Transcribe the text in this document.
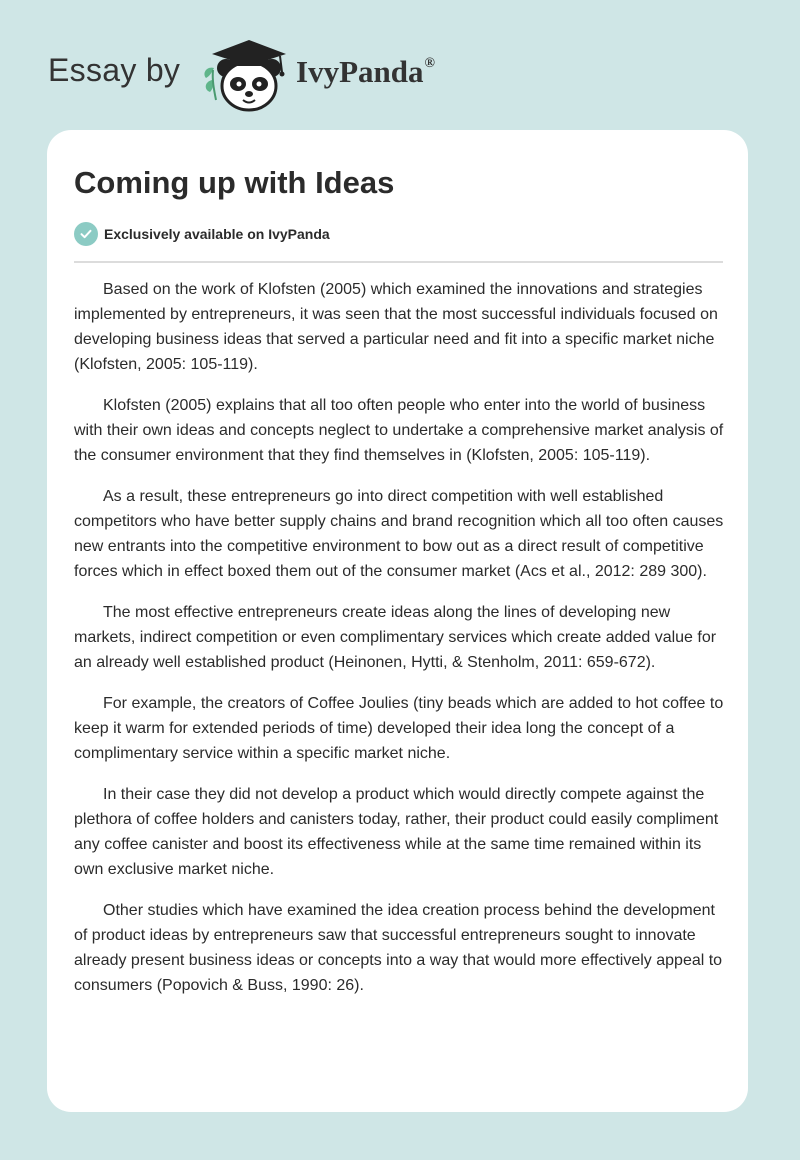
Essay by	IvyPanda®
Coming up with Ideas
Exclusively available on IvyPanda

Based on the work of Klofsten (2005) which examined the innovations and strategies implemented by entrepreneurs, it was seen that the most successful individuals focused on developing business ideas that served a particular need and fit into a specific market niche (Klofsten, 2005: 105-119).

Klofsten (2005) explains that all too often people who enter into the world of business with their own ideas and concepts neglect to undertake a comprehensive market analysis of the consumer environment that they find themselves in (Klofsten, 2005: 105-119).

As a result, these entrepreneurs go into direct competition with well established competitors who have better supply chains and brand recognition which all too often causes new entrants into the competitive environment to bow out as a direct result of competitive forces which in effect boxed them out of the consumer market (Acs et al., 2012: 289 300).

The most effective entrepreneurs create ideas along the lines of developing new markets, indirect competition or even complimentary services which create added value for an already well established product (Heinonen, Hytti, & Stenholm, 2011: 659-672).

For example, the creators of Coffee Joulies (tiny beads which are added to hot coffee to keep it warm for extended periods of time) developed their idea long the concept of a complimentary service within a specific market niche.

In their case they did not develop a product which would directly compete against the plethora of coffee holders and canisters today, rather, their product could easily compliment any coffee canister and boost its effectiveness while at the same time remained within its own exclusive market niche.

Other studies which have examined the idea creation process behind the development of product ideas by entrepreneurs saw that successful entrepreneurs sought to innovate already present business ideas or concepts into a way that would more effectively appeal to consumers (Popovich & Buss, 1990: 26).
